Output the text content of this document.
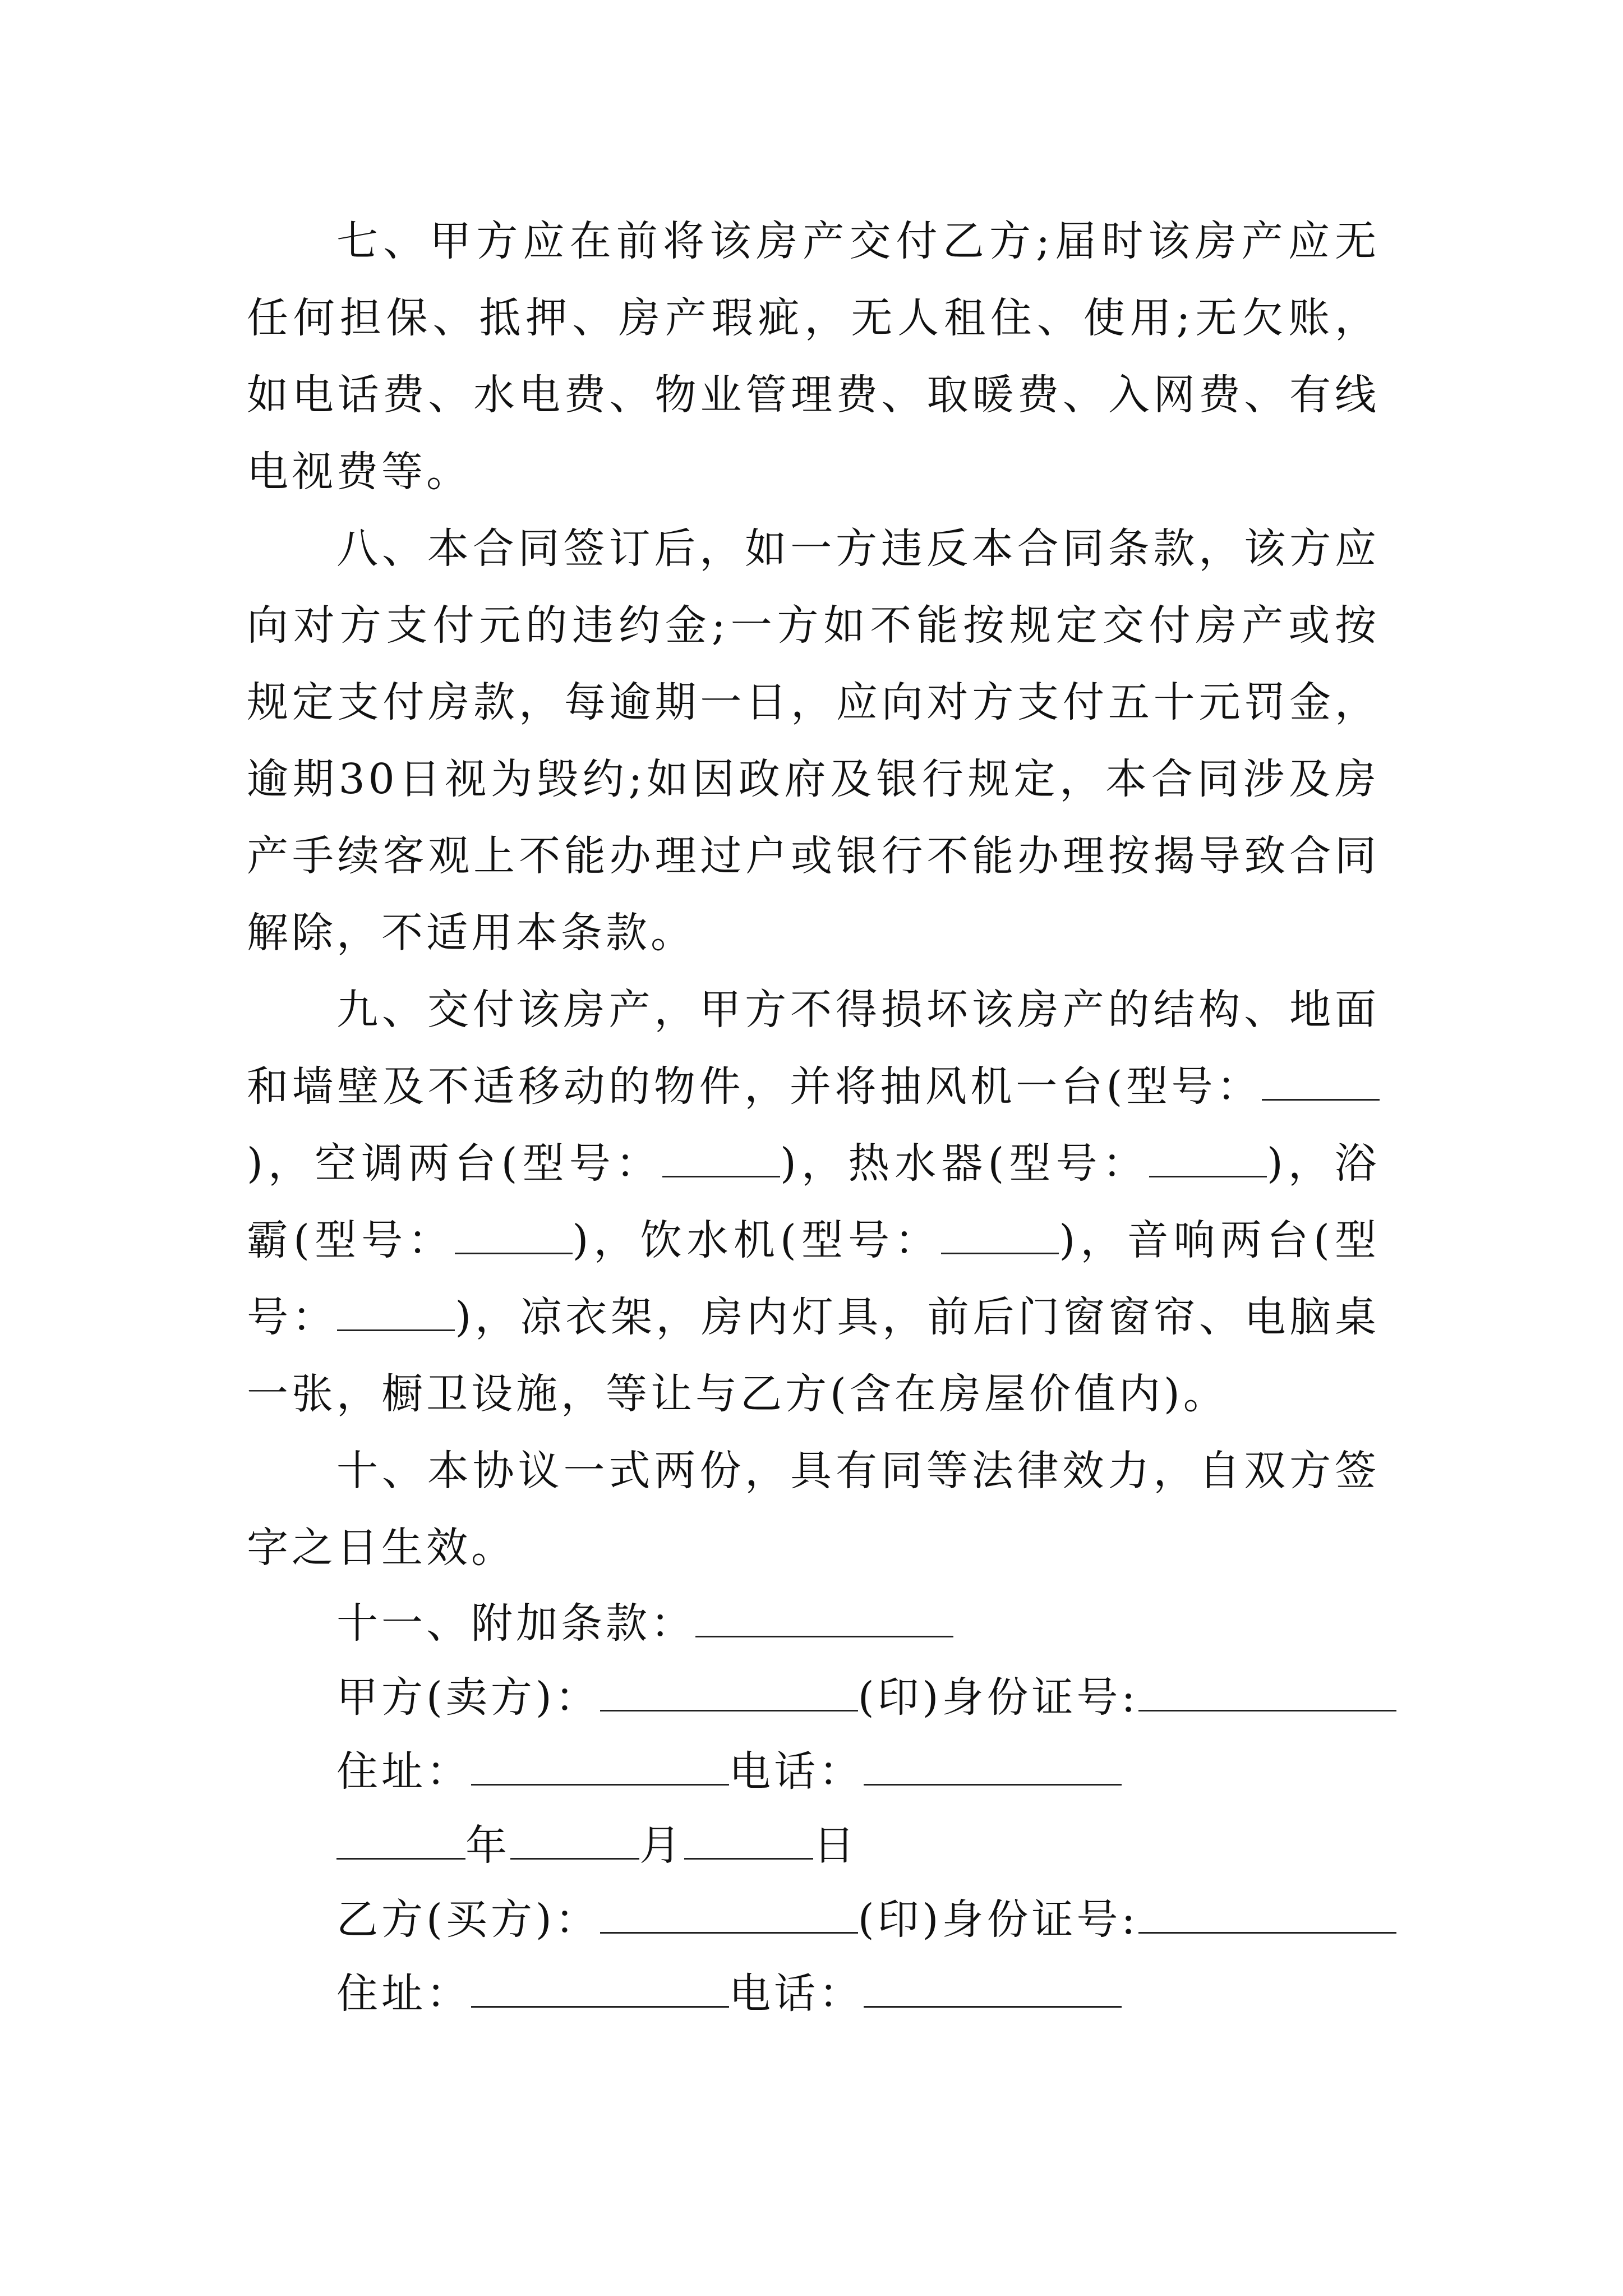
七、甲方应在前将该房产交付乙方;届时该房产应无任何担保、抵押、房产瑕疵，无人租住、使用;无欠账，如电话费、水电费、物业管理费、取暖费、入网费、有线电视费等。

八、本合同签订后，如一方违反本合同条款，该方应向对方支付元的违约金;一方如不能按规定交付房产或按规定支付房款，每逾期一日，应向对方支付五十元罚金，逾期30日视为毁约;如因政府及银行规定，本合同涉及房产手续客观上不能办理过户或银行不能办理按揭导致合同解除，不适用本条款。

九、交付该房产，甲方不得损坏该房产的结构、地面和墙壁及不适移动的物件，并将抽风机一台(型号：)，空调两台(型号：	)，热水器(型号：	)，浴霸(型号：	)，饮水机(型号：	)，音响两台(型号：	)，凉衣架，房内灯具，前后门窗窗帘、电脑桌一张，橱卫设施，等让与乙方(含在房屋价值内)。

十、本协议一式两份，具有同等法律效力，自双方签字之日生效。

十一、附加条款：

甲方(卖方)：	(印)身份证号:

住址：	电话：

年	月	日

乙方(买方)：	(印)身份证号:

住址：	电话：
